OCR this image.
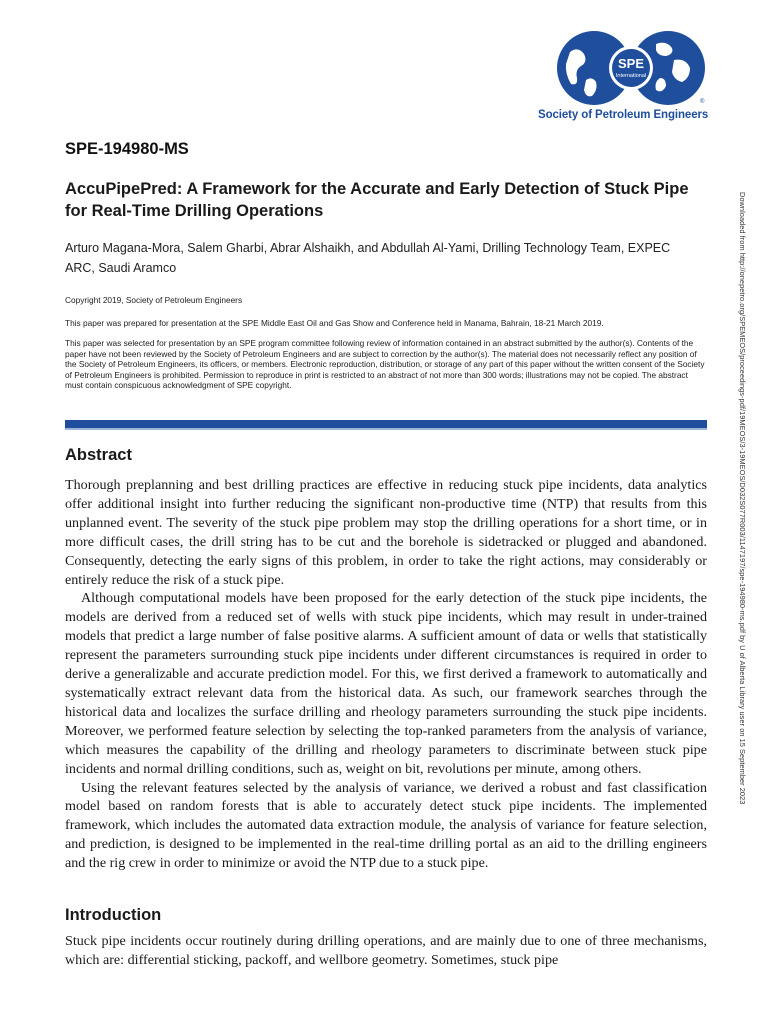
SPE
International
®
Society of Petroleum Engineers
SPE-194980-MS
AccuPipePred: A Framework for the Accurate and Early Detection of Stuck Pipe for Real-Time Drilling Operations
Arturo Magana-Mora, Salem Gharbi, Abrar Alshaikh, and Abdullah Al-Yami, Drilling Technology Team, EXPEC ARC, Saudi Aramco
Copyright 2019, Society of Petroleum Engineers
This paper was prepared for presentation at the SPE Middle East Oil and Gas Show and Conference held in Manama, Bahrain, 18-21 March 2019.
This paper was selected for presentation by an SPE program committee following review of information contained in an abstract submitted by the author(s). Contents of the paper have not been reviewed by the Society of Petroleum Engineers and are subject to correction by the author(s). The material does not necessarily reflect any position of the Society of Petroleum Engineers, its officers, or members. Electronic reproduction, distribution, or storage of any part of this paper without the written consent of the Society of Petroleum Engineers is prohibited. Permission to reproduce in print is restricted to an abstract of not more than 300 words; illustrations may not be copied. The abstract must contain conspicuous acknowledgment of SPE copyright.
Abstract

Thorough preplanning and best drilling practices are effective in reducing stuck pipe incidents, data analytics offer additional insight into further reducing the significant non-productive time (NTP) that results from this unplanned event. The severity of the stuck pipe problem may stop the drilling operations for a short time, or in more difficult cases, the drill string has to be cut and the borehole is sidetracked or plugged and abandoned. Consequently, detecting the early signs of this problem, in order to take the right actions, may considerably or entirely reduce the risk of a stuck pipe.

Although computational models have been proposed for the early detection of the stuck pipe incidents, the models are derived from a reduced set of wells with stuck pipe incidents, which may result in under-trained models that predict a large number of false positive alarms. A sufficient amount of data or wells that statistically represent the parameters surrounding stuck pipe incidents under different circumstances is required in order to derive a generalizable and accurate prediction model. For this, we first derived a framework to automatically and systematically extract relevant data from the historical data. As such, our framework searches through the historical data and localizes the surface drilling and rheology parameters surrounding the stuck pipe incidents. Moreover, we performed feature selection by selecting the top-ranked parameters from the analysis of variance, which measures the capability of the drilling and rheology parameters to discriminate between stuck pipe incidents and normal drilling conditions, such as, weight on bit, revolutions per minute, among others.

Using the relevant features selected by the analysis of variance, we derived a robust and fast classification model based on random forests that is able to accurately detect stuck pipe incidents. The implemented framework, which includes the automated data extraction module, the analysis of variance for feature selection, and prediction, is designed to be implemented in the real-time drilling portal as an aid to the drilling engineers and the rig crew in order to minimize or avoid the NTP due to a stuck pipe.

Introduction

Stuck pipe incidents occur routinely during drilling operations, and are mainly due to one of three mechanisms, which are: differential sticking, packoff, and wellbore geometry. Sometimes, stuck pipe

Downloaded from http://onepetro.org/SPEMEOS/proceedings-pdf/19MEOS/3-19MEOS/D032S077R003/1147197/spe-194980-ms.pdf by U of Alberta Library user on 15 September 2023
